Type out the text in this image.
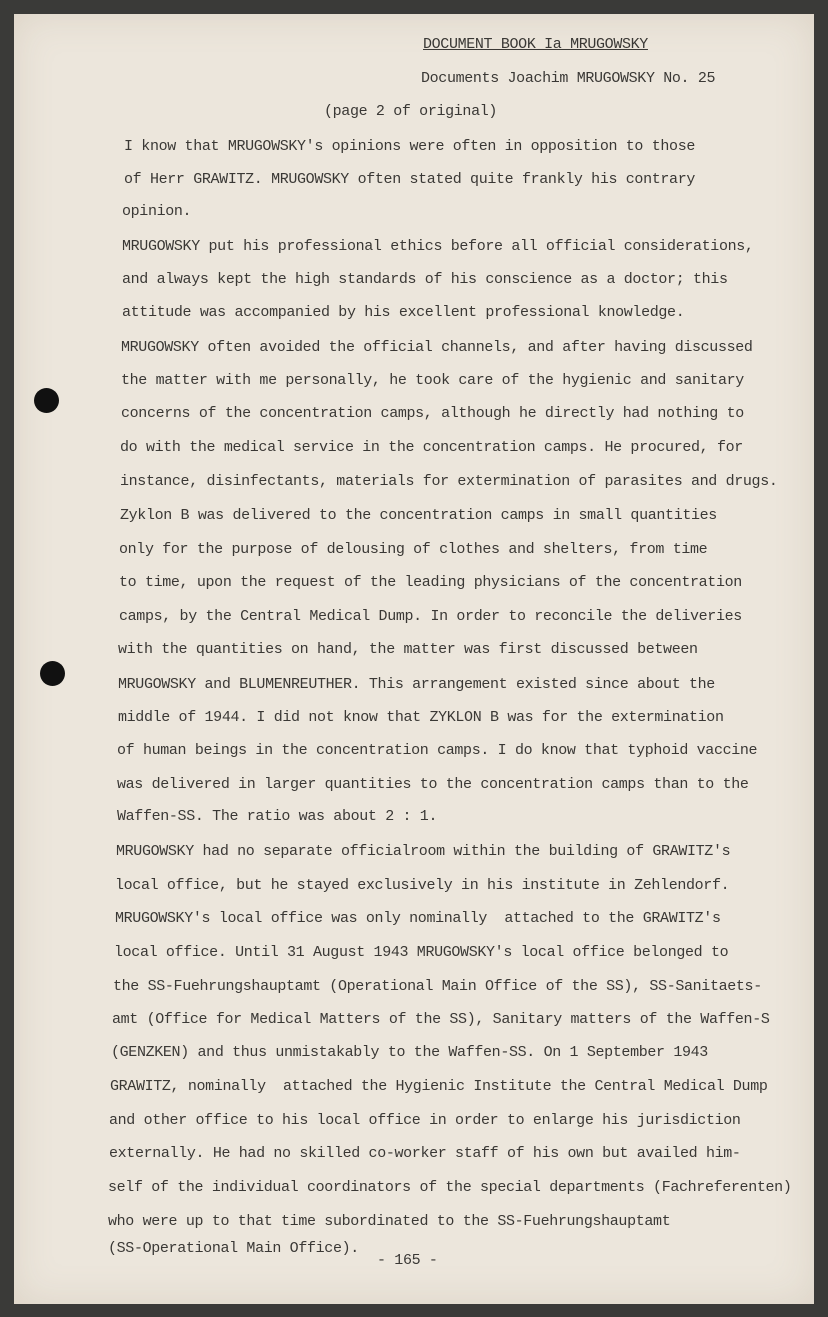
DOCUMENT BOOK Ia MRUGOWSKY
Documents Joachim MRUGOWSKY No. 25
(page 2 of original)
I know that MRUGOWSKY's opinions were often in opposition to those
of Herr GRAWITZ. MRUGOWSKY often stated quite frankly his contrary
opinion.
MRUGOWSKY put his professional ethics before all official considerations,
and always kept the high standards of his conscience as a doctor; this
attitude was accompanied by his excellent professional knowledge.
MRUGOWSKY often avoided the official channels, and after having discussed
the matter with me personally, he took care of the hygienic and sanitary
concerns of the concentration camps, although he directly had nothing to
do with the medical service in the concentration camps. He procured, for
instance, disinfectants, materials for extermination of parasites and drugs.
Zyklon B was delivered to the concentration camps in small quantities
only for the purpose of delousing of clothes and shelters, from time
to time, upon the request of the leading physicians of the concentration
camps, by the Central Medical Dump. In order to reconcile the deliveries
with the quantities on hand, the matter was first discussed between
MRUGOWSKY and BLUMENREUTHER. This arrangement existed since about the
middle of 1944. I did not know that ZYKLON B was for the extermination
of human beings in the concentration camps. I do know that typhoid vaccine
was delivered in larger quantities to the concentration camps than to the
Waffen-SS. The ratio was about 2 : 1.
MRUGOWSKY had no separate officialroom within the building of GRAWITZ's
local office, but he stayed exclusively in his institute in Zehlendorf.
MRUGOWSKY's local office was only nominally  attached to the GRAWITZ's
local office. Until 31 August 1943 MRUGOWSKY's local office belonged to
the SS-Fuehrungshauptamt (Operational Main Office of the SS), SS-Sanitaets-
amt (Office for Medical Matters of the SS), Sanitary matters of the Waffen-S
(GENZKEN) and thus unmistakably to the Waffen-SS. On 1 September 1943
GRAWITZ, nominally  attached the Hygienic Institute the Central Medical Dump
and other office to his local office in order to enlarge his jurisdiction
externally. He had no skilled co-worker staff of his own but availed him-
self of the individual coordinators of the special departments (Fachreferenten)
who were up to that time subordinated to the SS-Fuehrungshauptamt
(SS-Operational Main Office).
- 165 -
